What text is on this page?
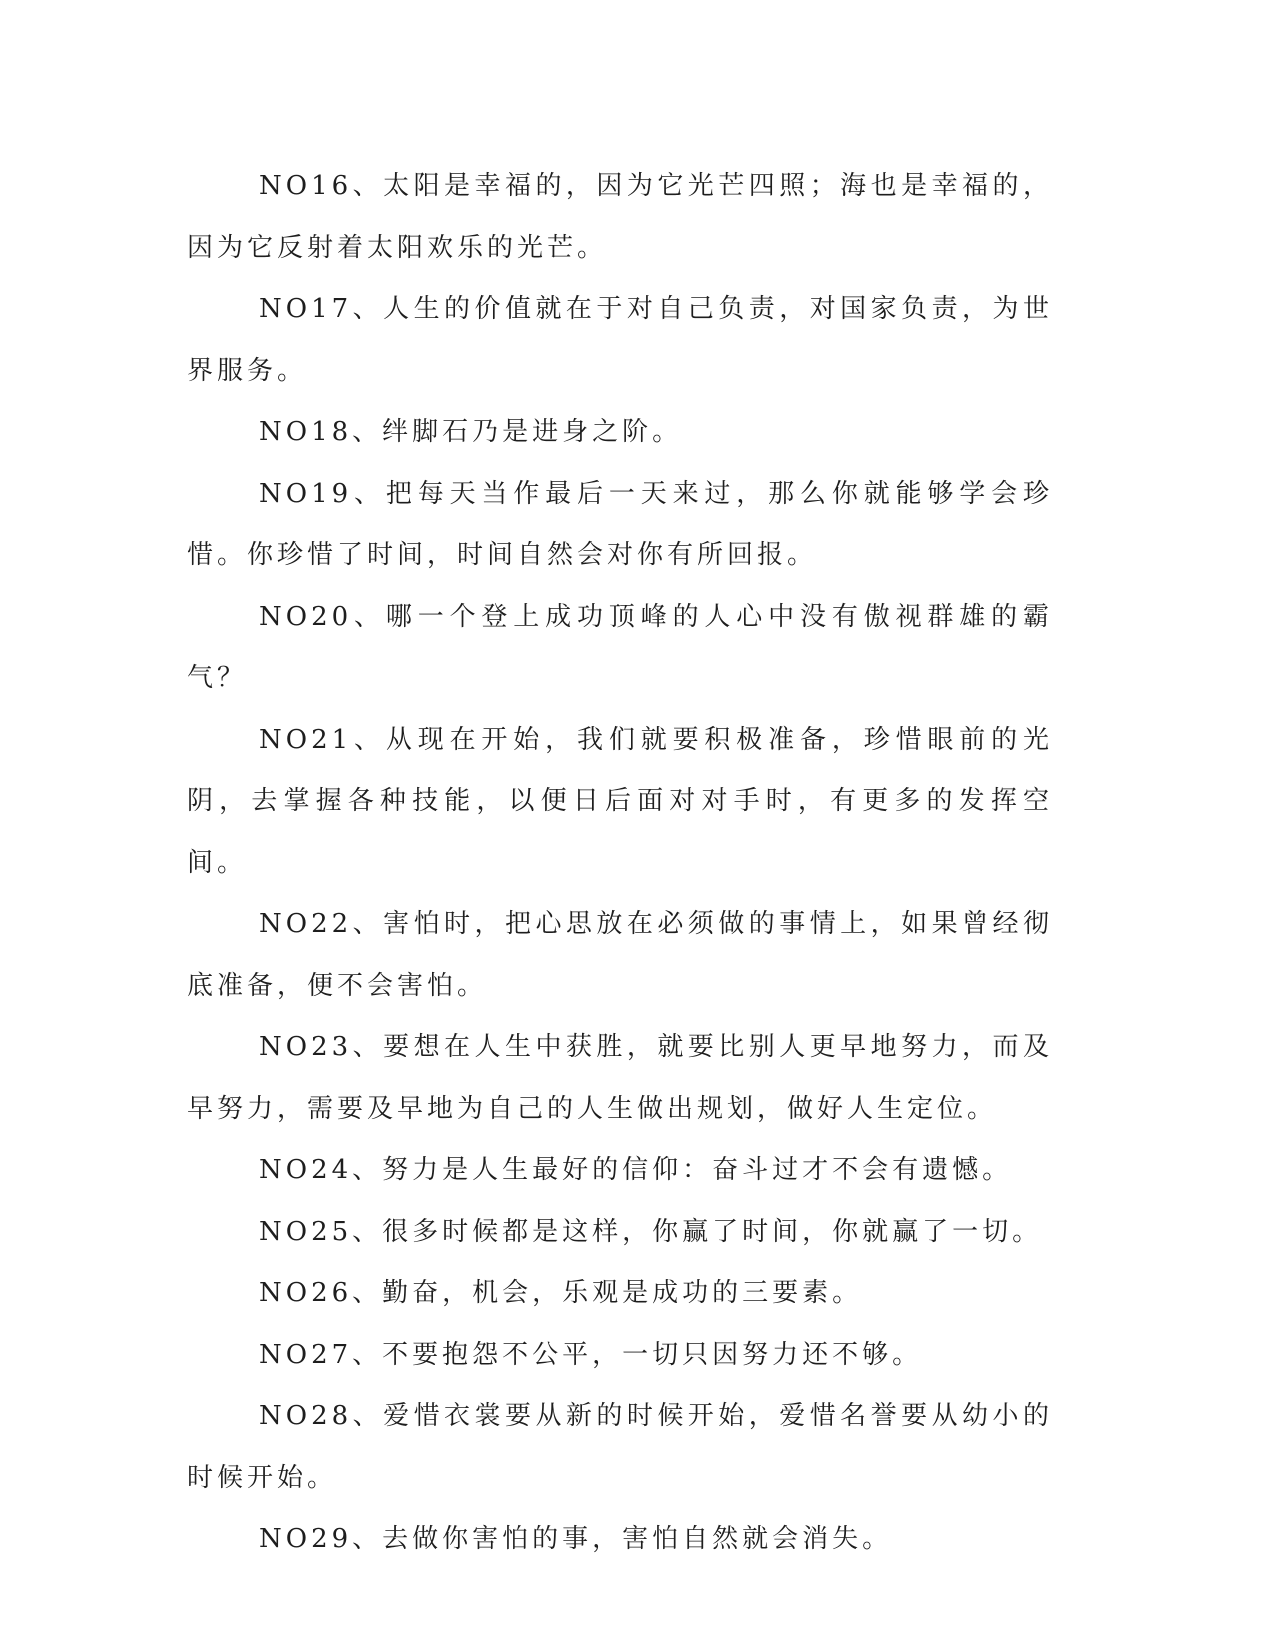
NO16、太阳是幸福的，因为它光芒四照；海也是幸福的，因为它反射着太阳欢乐的光芒。

NO17、人生的价值就在于对自己负责，对国家负责，为世界服务。

NO18、绊脚石乃是进身之阶。

NO19、把每天当作最后一天来过，那么你就能够学会珍惜。你珍惜了时间，时间自然会对你有所回报。

NO20、哪一个登上成功顶峰的人心中没有傲视群雄的霸气？

NO21、从现在开始，我们就要积极准备，珍惜眼前的光阴，去掌握各种技能，以便日后面对对手时，有更多的发挥空间。

NO22、害怕时，把心思放在必须做的事情上，如果曾经彻底准备，便不会害怕。

NO23、要想在人生中获胜，就要比别人更早地努力，而及早努力，需要及早地为自己的人生做出规划，做好人生定位。

NO24、努力是人生最好的信仰：奋斗过才不会有遗憾。

NO25、很多时候都是这样，你赢了时间，你就赢了一切。

NO26、勤奋，机会，乐观是成功的三要素。

NO27、不要抱怨不公平，一切只因努力还不够。

NO28、爱惜衣裳要从新的时候开始，爱惜名誉要从幼小的时候开始。

NO29、去做你害怕的事，害怕自然就会消失。
